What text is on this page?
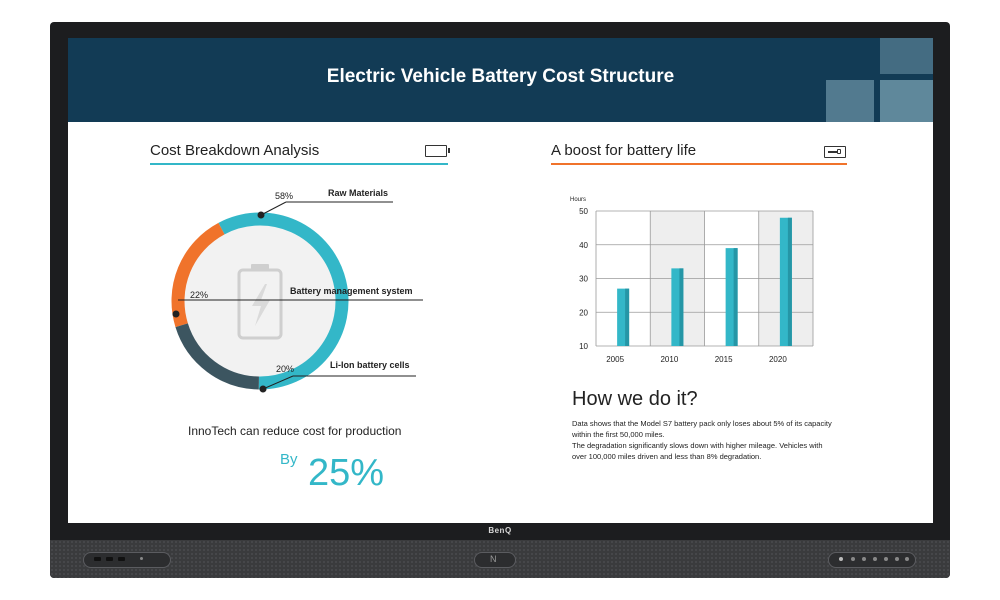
Electric Vehicle Battery Cost Structure
Cost Breakdown Analysis
Raw Materials
58%
Battery management system
22%
Li-Ion battery cells
20%
InnoTech can reduce cost for production
By 25%
A boost for battery life
Hours
10
20
30
40
50
2005	2010	2015	2020
How we do it?

Data shows that the Model S7 battery pack only loses about 5% of its capacity

within the first 50,000 miles.

The degradation significantly slows down with higher mileage. Vehicles with

over 100,000 miles driven and less than 8% degradation.

BenQ
N
